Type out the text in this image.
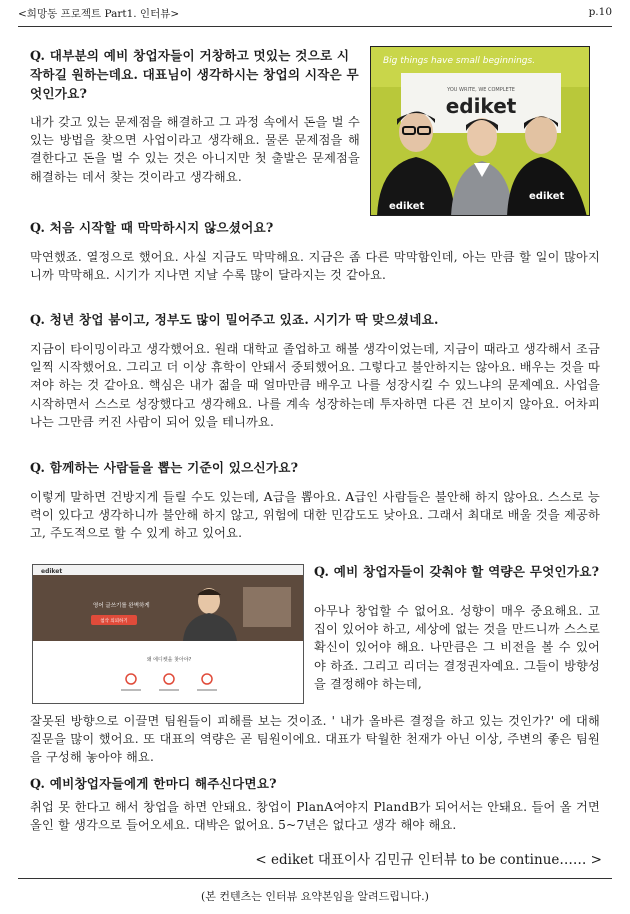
<희망동 프로젝트 Part1. 인터뷰>	p.10
Big things have small beginnings.
YOU WRITE, WE COMPLETE
ediket
ediket
ediket
Q. 대부분의 예비 창업자들이 거창하고 멋있는 것으로 시작하길 원하는데요. 대표님이 생각하시는 창업의 시작은 무엇인가요?
내가 갖고 있는 문제점을 해결하고 그 과정 속에서 돈을 벌 수 있는 방법을 찾으면 사업이라고 생각해요. 물론 문제점을 해결한다고 돈을 벌 수 있는 것은 아니지만 첫 출발은 문제점을 해결하는 데서 찾는 것이라고 생각해요.
Q. 처음 시작할 때 막막하시지 않으셨어요?
막연했죠. 열정으로 했어요. 사실 지금도 막막해요. 지금은 좀 다른 막막함인데, 아는 만큼 할 일이 많아지니까 막막해요. 시기가 지나면 지날 수록 많이 달라지는 것 같아요.
Q. 청년 창업 붐이고, 정부도 많이 밀어주고 있죠. 시기가 딱 맞으셨네요.
지금이 타이밍이라고 생각했어요. 원래 대학교 졸업하고 해볼 생각이었는데, 지금이 때라고 생각해서 조금 일찍 시작했어요. 그리고 더 이상 휴학이 안돼서 중퇴했어요. 그렇다고 불안하지는 않아요. 배우는 것을 따져야 하는 것 같아요. 핵심은 내가 젊을 때 얼마만큼 배우고 나를 성장시킬 수 있느냐의 문제예요. 사업을 시작하면서 스스로 성장했다고 생각해요. 나를 계속 성장하는데 투자하면 다른 건 보이지 않아요. 어차피 나는 그만큼 커진 사람이 되어 있을 테니까요.
Q. 함께하는 사람들을 뽑는 기준이 있으신가요?
이렇게 말하면 건방지게 들릴 수도 있는데, A급을 뽑아요. A급인 사람들은 불안해 하지 않아요. 스스로 능력이 있다고 생각하니까 불안해 하지 않고, 위험에 대한 민감도도 낮아요. 그래서 최대로 배울 것을 제공하고, 주도적으로 할 수 있게 하고 있어요.
ediket
영어 글쓰기를 완벽하게
첨삭 의뢰하기
왜 에디켓을 찾아야?
Q. 예비 창업자들이 갖춰야 할 역량은 무엇인가요?
아무나 창업할 수 없어요. 성향이 매우 중요해요. 고집이 있어야 하고, 세상에 없는 것을 만드니까 스스로 확신이 있어야 해요. 나만큼은 그 비전을 볼 수 있어야 하죠. 그리고 리더는 결정권자예요. 그들이 방향성을 결정해야 하는데,
잘못된 방향으로 이끌면 팀원들이 피해를 보는 것이죠. ' 내가 올바른 결정을 하고 있는 것인가?' 에 대해 질문을 많이 했어요. 또 대표의 역량은 곧 팀원이에요. 대표가 탁월한 천재가 아닌 이상, 주변의 좋은 팀원을 구성해 놓아야 해요.
Q. 예비창업자들에게 한마디 해주신다면요?
취업 못 한다고 해서 창업을 하면 안돼요. 창업이 PlanA여야지 PlandB가 되어서는 안돼요. 들어 올 거면 올인 할 생각으로 들어오세요. 대박은 없어요. 5~7년은 없다고 생각 해야 해요.
< ediket 대표이사 김민규 인터뷰 to be continue…… >
(본 컨텐츠는 인터뷰 요약본임을 알려드립니다.)
